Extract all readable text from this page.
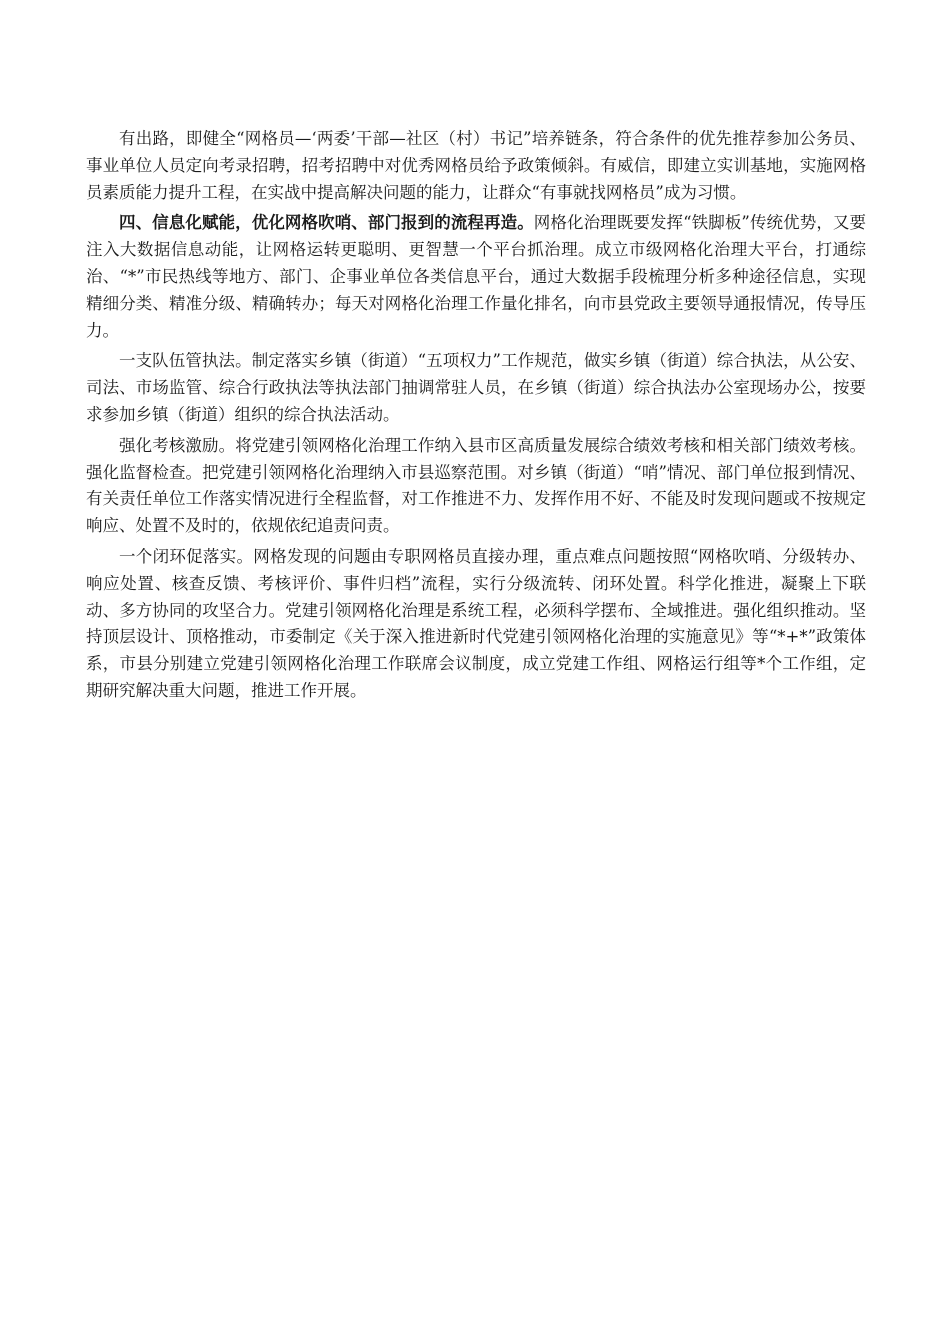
有出路，即健全“网格员—‘两委’干部—社区（村）书记”培养链条，符合条件的优先推荐参加公务员、事业单位人员定向考录招聘，招考招聘中对优秀网格员给予政策倾斜。有威信，即建立实训基地，实施网格员素质能力提升工程，在实战中提高解决问题的能力，让群众“有事就找网格员”成为习惯。

四、信息化赋能，优化网格吹哨、部门报到的流程再造。网格化治理既要发挥“铁脚板”传统优势，又要注入大数据信息动能，让网格运转更聪明、更智慧一个平台抓治理。成立市级网格化治理大平台，打通综治、“*”市民热线等地方、部门、企事业单位各类信息平台，通过大数据手段梳理分析多种途径信息，实现精细分类、精准分级、精确转办；每天对网格化治理工作量化排名，向市县党政主要领导通报情况，传导压力。

一支队伍管执法。制定落实乡镇（街道）“五项权力”工作规范，做实乡镇（街道）综合执法，从公安、司法、市场监管、综合行政执法等执法部门抽调常驻人员，在乡镇（街道）综合执法办公室现场办公，按要求参加乡镇（街道）组织的综合执法活动。

强化考核激励。将党建引领网格化治理工作纳入县市区高质量发展综合绩效考核和相关部门绩效考核。强化监督检查。把党建引领网格化治理纳入市县巡察范围。对乡镇（街道）“哨”情况、部门单位报到情况、有关责任单位工作落实情况进行全程监督，对工作推进不力、发挥作用不好、不能及时发现问题或不按规定响应、处置不及时的，依规依纪追责问责。

一个闭环促落实。网格发现的问题由专职网格员直接办理，重点难点问题按照“网格吹哨、分级转办、响应处置、核查反馈、考核评价、事件归档”流程，实行分级流转、闭环处置。科学化推进，凝聚上下联动、多方协同的攻坚合力。党建引领网格化治理是系统工程，必须科学摆布、全域推进。强化组织推动。坚持顶层设计、顶格推动，市委制定《关于深入推进新时代党建引领网格化治理的实施意见》等“*+*”政策体系，市县分别建立党建引领网格化治理工作联席会议制度，成立党建工作组、网格运行组等*个工作组，定期研究解决重大问题，推进工作开展。
